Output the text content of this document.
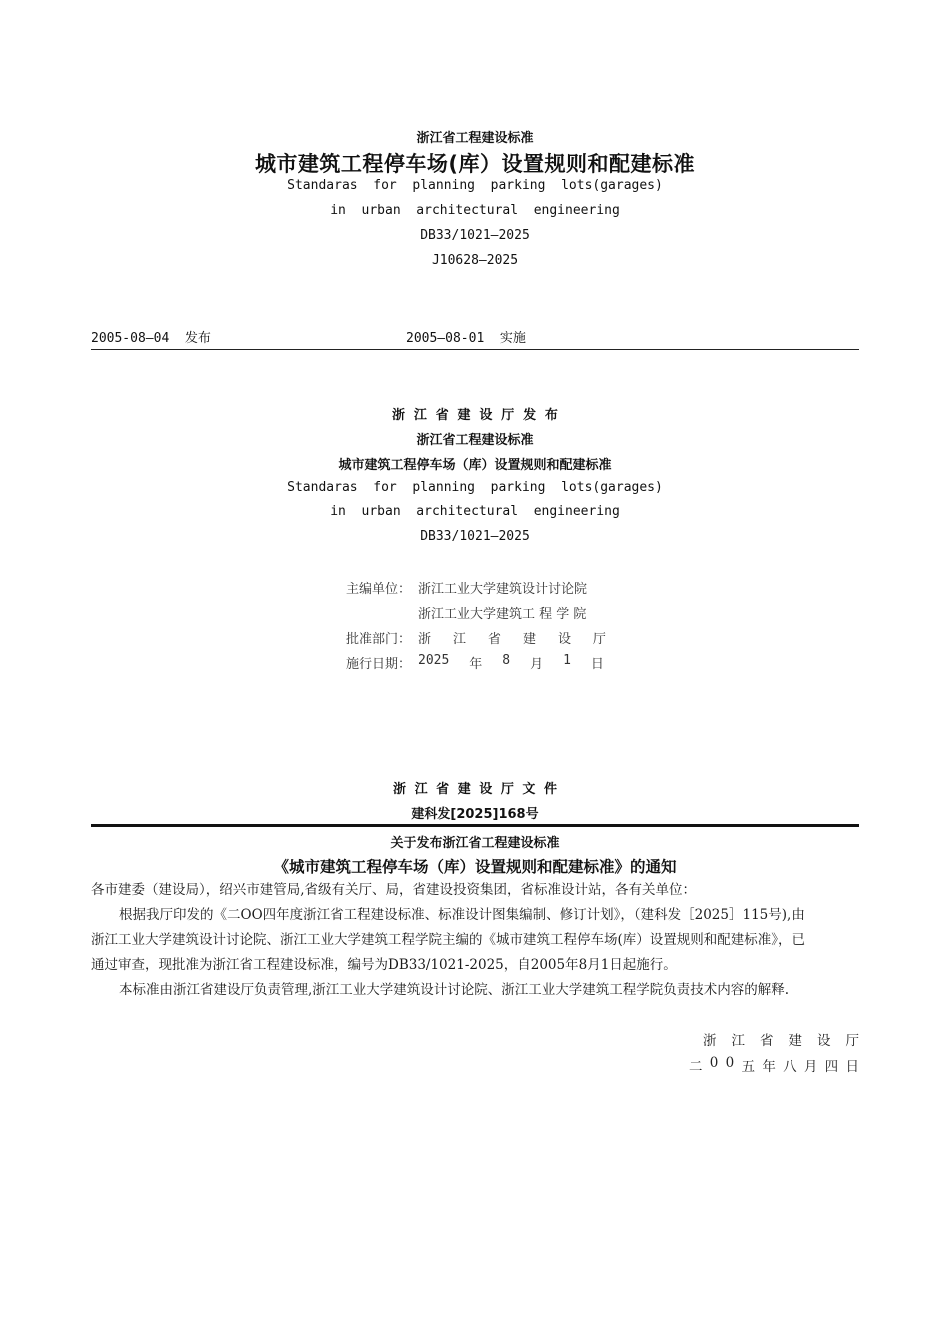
浙江省工程建设标准
城市建筑工程停车场(库）设置规则和配建标准
Standaras  for  planning  parking  lots(garages)
in  urban  architectural  engineering
DB33/1021—2025
J10628—2025
2005-08—04  发布	2005—08-01  实施
浙 江 省 建 设 厅 发 布
浙江省工程建设标准
城市建筑工程停车场（库）设置规则和配建标准
Standaras  for  planning  parking  lots(garages)
in  urban  architectural  engineering
DB33/1021—2025
主编单位： 浙江工业大学建筑设计讨论院
浙江工业大学建筑工 程 学 院
批准部门： 浙 江 省 建 设 厅
施行日期： 2025 年 8 月 1 日
浙 江 省 建 设 厅 文 件
建科发[2025]168号
关于发布浙江省工程建设标准
《城市建筑工程停车场（库）设置规则和配建标准》的通知
各市建委（建设局），绍兴市建管局,省级有关厅、局，省建设投资集团，省标准设计站，各有关单位：
根据我厅印发的《二OO四年度浙江省工程建设标准、标准设计图集编制、修订计划》，（建科发［2025］115号),由
浙江工业大学建筑设计讨论院、浙江工业大学建筑工程学院主编的《城市建筑工程停车场(库）设置规则和配建标准》，已
通过审查，现批准为浙江省工程建设标准，编号为DB33/1021-2025，自2005年8月1日起施行。
本标准由浙江省建设厅负责管理,浙江工业大学建筑设计讨论院、浙江工业大学建筑工程学院负责技术内容的解释.
浙 江 省 建 设 厅
二 0 0 五 年 八 月 四 日
